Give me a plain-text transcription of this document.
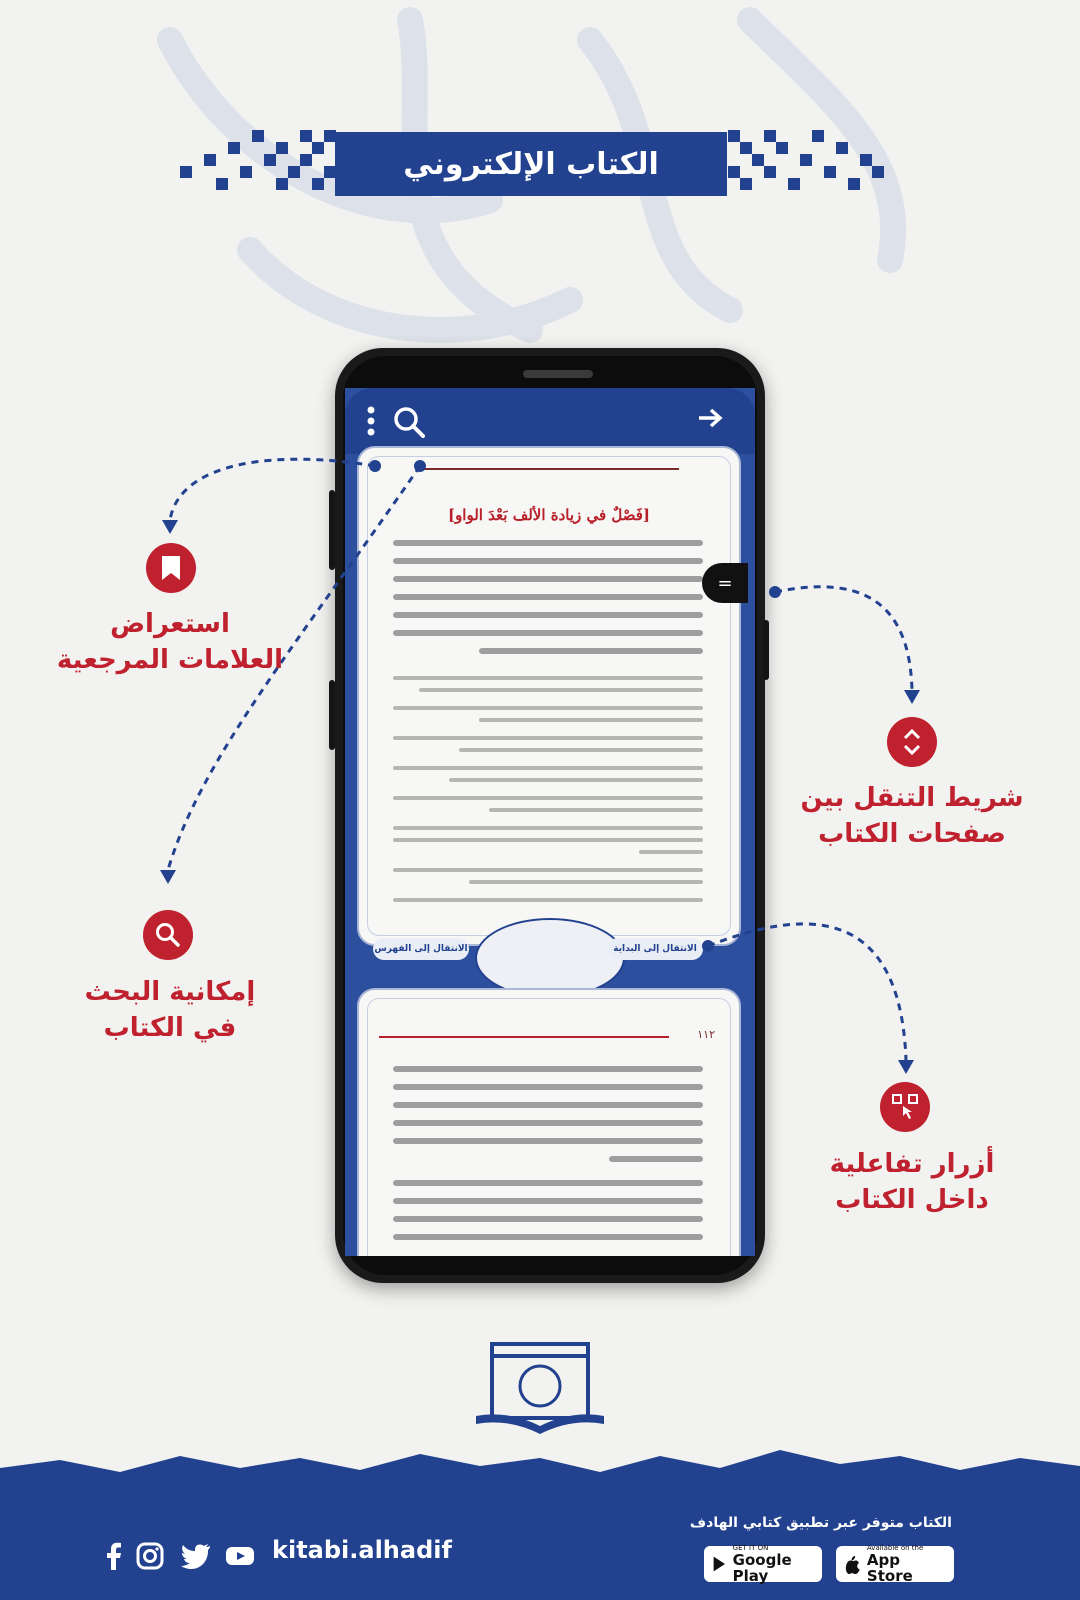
الكتاب الإلكتروني
[فَصْلٌ في زيادة الألف بَعْدَ الواو]
الانتقال إلى الفهرس	الانتقال إلى البداية
١١٢
=
استعراض
العلامات المرجعية
إمكانية البحث
في الكتاب
شريط التنقل بين
صفحات الكتاب
أزرار تفاعلية
داخل الكتاب
الكتاب متوفر عبر تطبيق كتابي الهادف
Available on the
App Store
GET IT ON
Google Play
kitabi.alhadif
